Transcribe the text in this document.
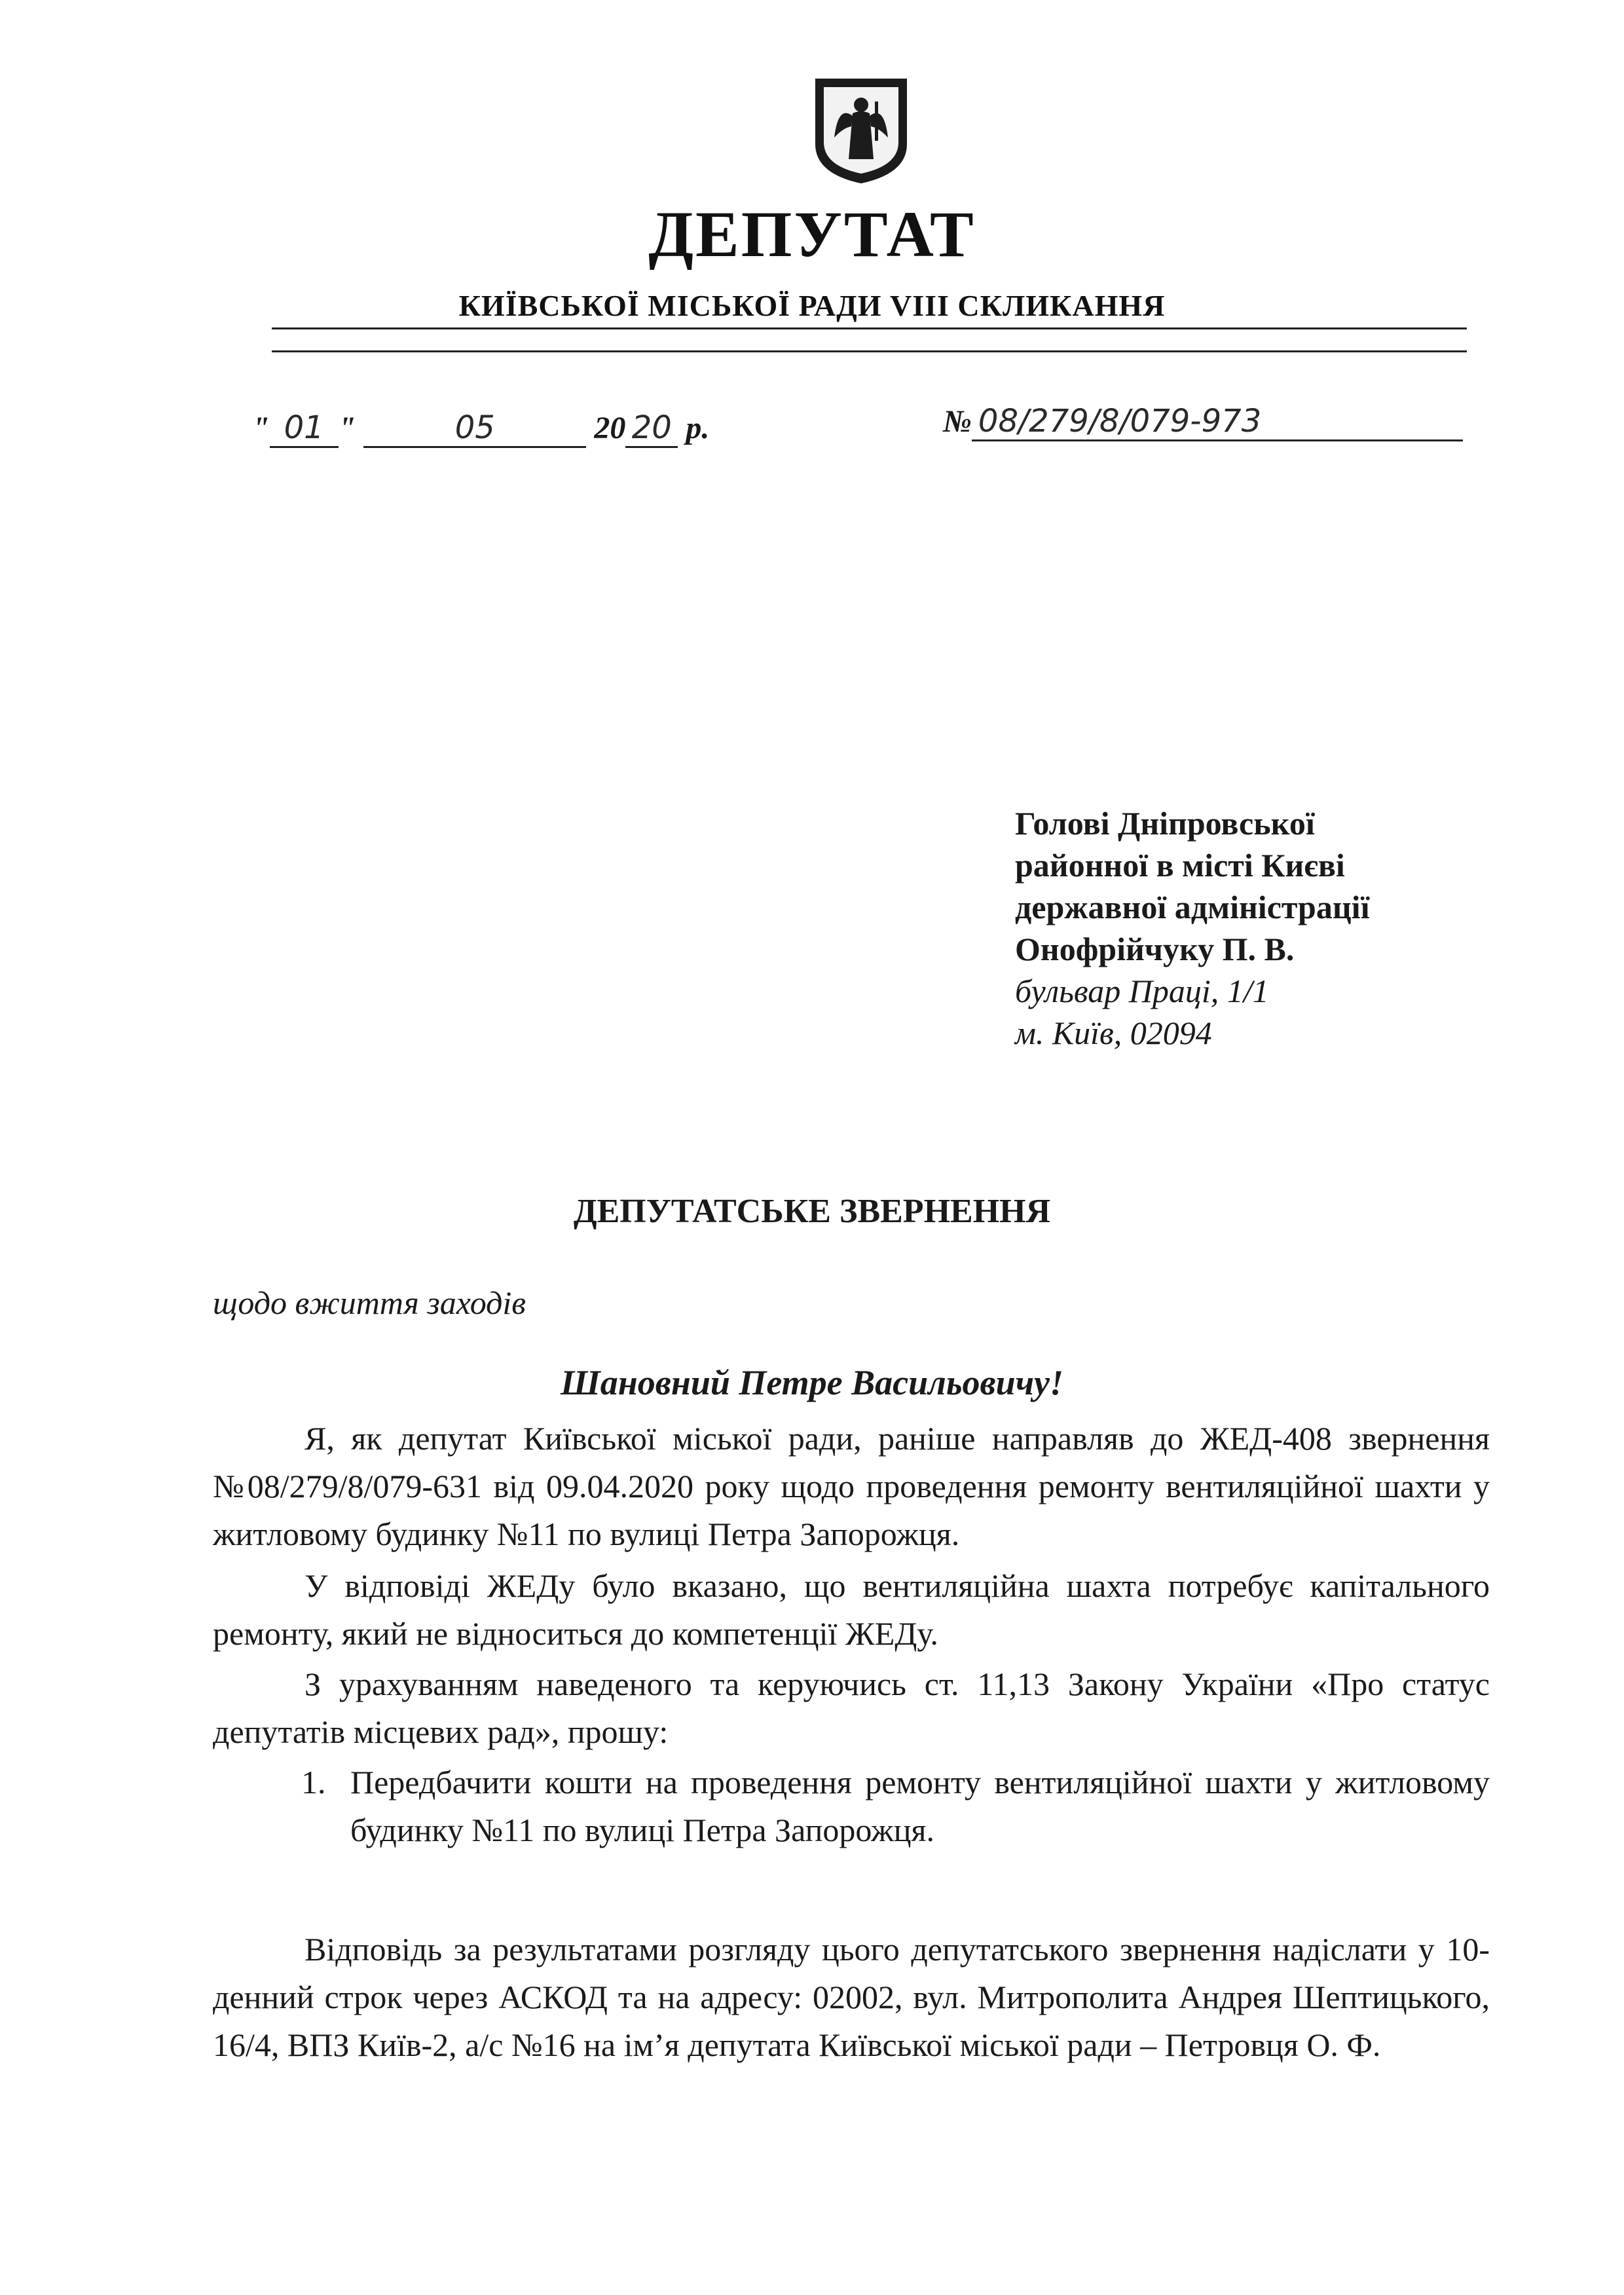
ДЕПУТАТ
КИЇВСЬКОЇ МІСЬКОЇ РАДИ VIII СКЛИКАННЯ
" 01 "	05	20 20 р.	№ 08/279/8/079-973
Голові Дніпровської
районної в місті Києві
державної адміністрації
Онофрійчуку П. В.
бульвар Праці, 1/1
м. Київ, 02094
ДЕПУТАТСЬКЕ ЗВЕРНЕННЯ
щодо вжиття заходів
Шановний Петре Васильовичу!
Я, як депутат Київської міської ради, раніше направляв до ЖЕД-408 звернення №08/279/8/079-631 від 09.04.2020 року щодо проведення ремонту вентиляційної шахти у житловому будинку №11 по вулиці Петра Запорожця.
У відповіді ЖЕДу було вказано, що вентиляційна шахта потребує капітального ремонту, який не відноситься до компетенції ЖЕДу.
З урахуванням наведеного та керуючись ст. 11,13 Закону України «Про статус депутатів місцевих рад», прошу:
1. Передбачити кошти на проведення ремонту вентиляційної шахти у житловому будинку №11 по вулиці Петра Запорожця.
Відповідь за результатами розгляду цього депутатського звернення надіслати у 10-денний строк через АСКОД та на адресу: 02002, вул. Митрополита Андрея Шептицького, 16/4, ВПЗ Київ-2, а/с №16 на ім’я депутата Київської міської ради – Петровця О. Ф.
